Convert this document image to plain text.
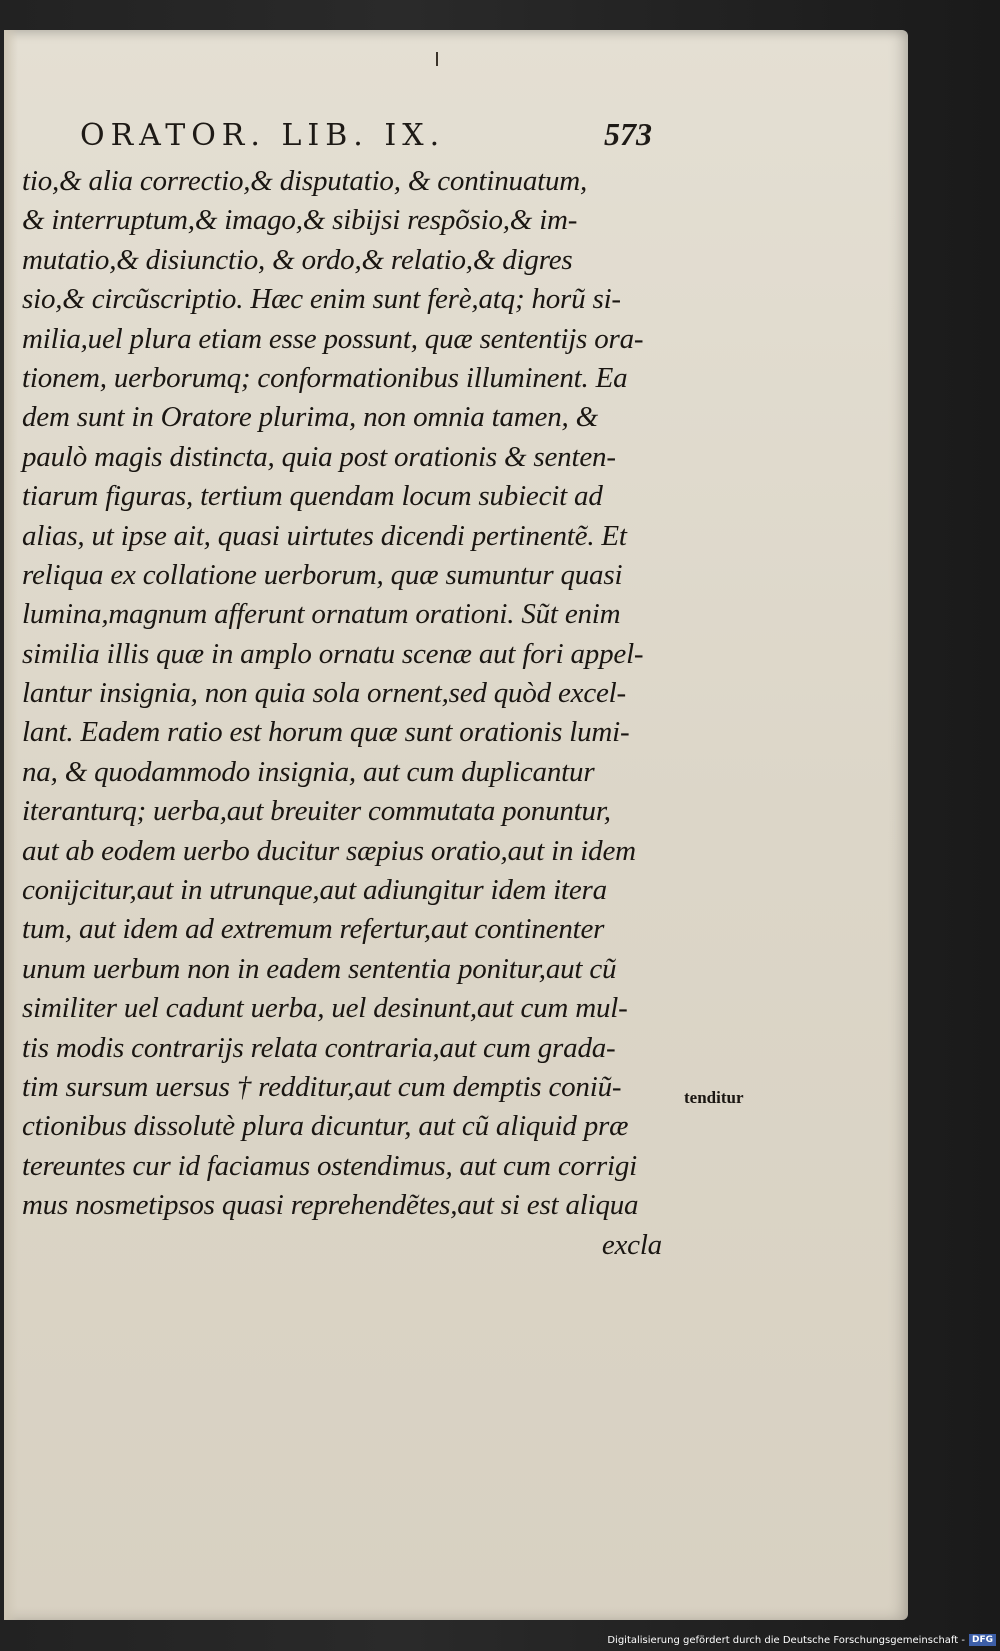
ORATOR. LIB. IX.	573
tio,& alia correctio,& disputatio, & continuatum,
& interruptum,& imago,& sibijsi respõsio,& im-
mutatio,& disiunctio, & ordo,& relatio,& digres
sio,& circũscriptio. Hæc enim sunt ferè,atq; horũ si-
milia,uel plura etiam esse possunt, quæ sententijs ora-
tionem, uerborumq; conformationibus illuminent. Ea
dem sunt in Oratore plurima, non omnia tamen, &
paulò magis distincta, quia post orationis & senten-
tiarum figuras, tertium quendam locum subiecit ad
alias, ut ipse ait, quasi uirtutes dicendi pertinentẽ. Et
reliqua ex collatione uerborum, quæ sumuntur quasi
lumina,magnum afferunt ornatum orationi. Sũt enim
similia illis quæ in amplo ornatu scenæ aut fori appel-
lantur insignia, non quia sola ornent,sed quòd excel-
lant. Eadem ratio est horum quæ sunt orationis lumi-
na, & quodammodo insignia, aut cum duplicantur
iteranturq; uerba,aut breuiter commutata ponuntur,
aut ab eodem uerbo ducitur sæpius oratio,aut in idem
conijcitur,aut in utrunque,aut adiungitur idem itera
tum, aut idem ad extremum refertur,aut continenter
unum uerbum non in eadem sententia ponitur,aut cũ
similiter uel cadunt uerba, uel desinunt,aut cum mul-
tis modis contrarijs relata contraria,aut cum grada-
tim sursum uersus † redditur,aut cum demptis coniũ-
ctionibus dissolutè plura dicuntur, aut cũ aliquid præ
tereuntes cur id faciamus ostendimus, aut cum corrigi
mus nosmetipsos quasi reprehendẽtes,aut si est aliqua
excla
tenditur
Digitalisierung gefördert durch die Deutsche Forschungsgemeinschaft - DFG
